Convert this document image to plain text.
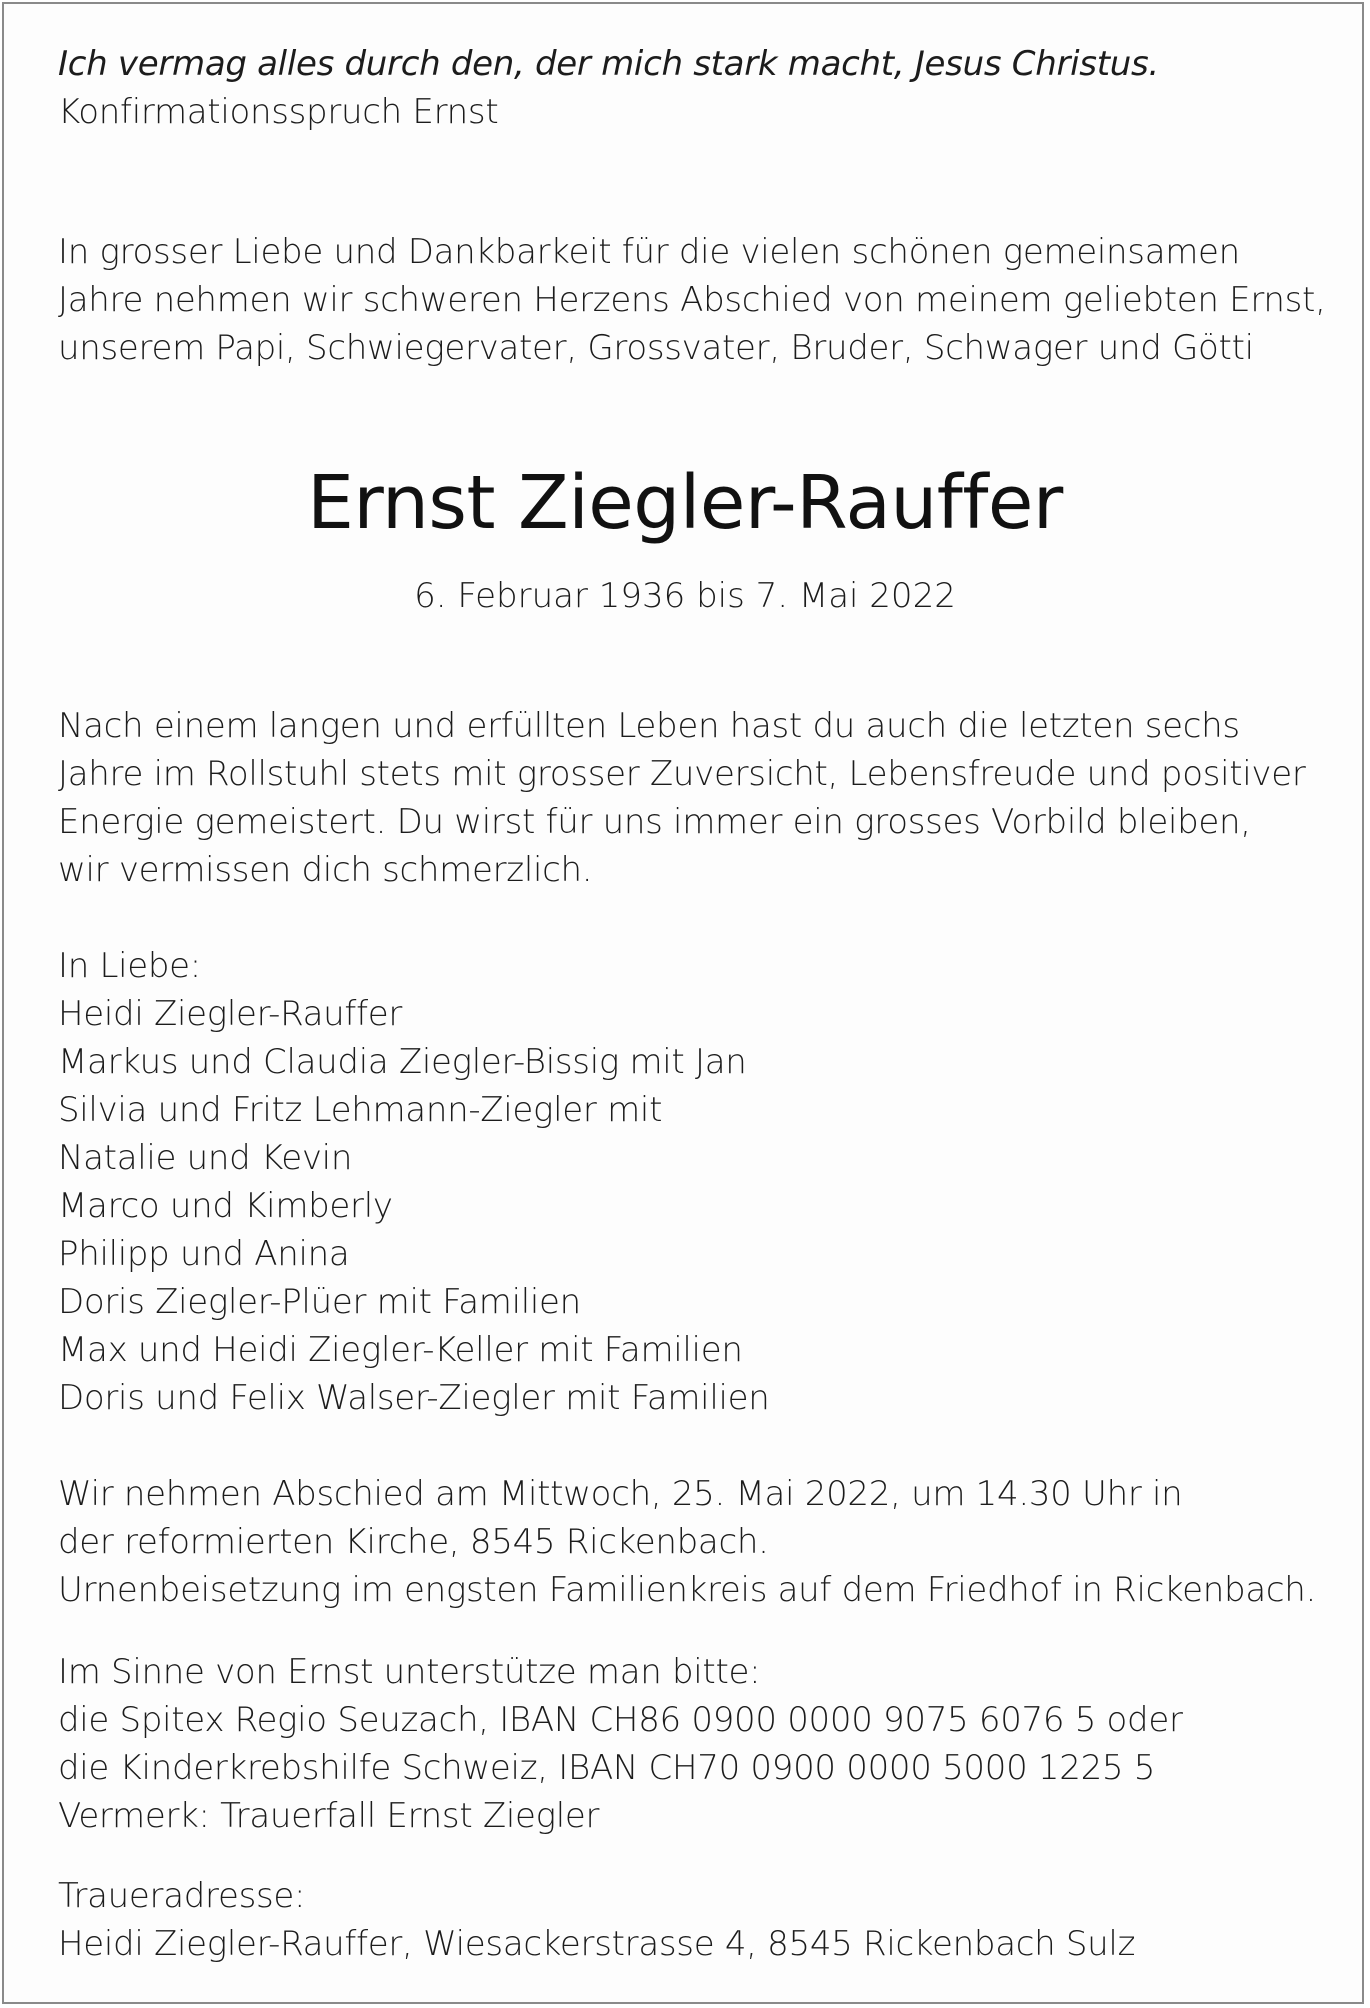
Ich vermag alles durch den, der mich stark macht, Jesus Christus.
Konfirmationsspruch Ernst
In grosser Liebe und Dankbarkeit für die vielen schönen gemeinsamen
Jahre nehmen wir schweren Herzens Abschied von meinem geliebten Ernst,
unserem Papi, Schwiegervater, Grossvater, Bruder, Schwager und Götti
Ernst Ziegler-Rauffer
6. Februar 1936 bis 7. Mai 2022
Nach einem langen und erfüllten Leben hast du auch die letzten sechs
Jahre im Rollstuhl stets mit grosser Zuversicht, Lebensfreude und positiver
Energie gemeistert. Du wirst für uns immer ein grosses Vorbild bleiben,
wir vermissen dich schmerzlich.
In Liebe:
Heidi Ziegler-Rauffer
Markus und Claudia Ziegler-Bissig mit Jan
Silvia und Fritz Lehmann-Ziegler mit
Natalie und Kevin
Marco und Kimberly
Philipp und Anina
Doris Ziegler-Plüer mit Familien
Max und Heidi Ziegler-Keller mit Familien
Doris und Felix Walser-Ziegler mit Familien
Wir nehmen Abschied am Mittwoch, 25. Mai 2022, um 14.30 Uhr in
der reformierten Kirche, 8545 Rickenbach.
Urnenbeisetzung im engsten Familienkreis auf dem Friedhof in Rickenbach.
Im Sinne von Ernst unterstütze man bitte:
die Spitex Regio Seuzach, IBAN CH86 0900 0000 9075 6076 5 oder
die Kinderkrebshilfe Schweiz, IBAN CH70 0900 0000 5000 1225 5
Vermerk: Trauerfall Ernst Ziegler
Traueradresse:
Heidi Ziegler-Rauffer, Wiesackerstrasse 4, 8545 Rickenbach Sulz
